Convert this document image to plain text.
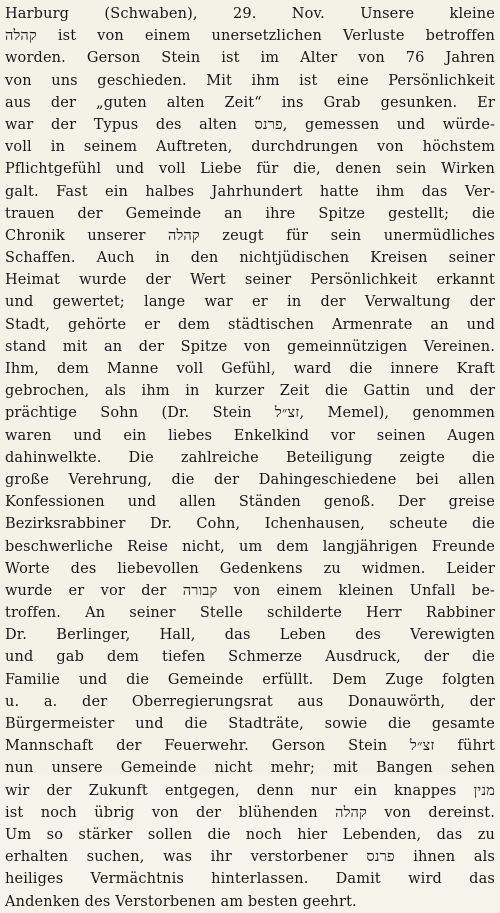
Harburg (Schwaben), 29. Nov. Unsere kleine
קהלה ist von einem unersetzlichen Verluste betroffen
worden. Gerson Stein ist im Alter von 76 Jahren
von uns geschieden. Mit ihm ist eine Persönlichkeit
aus der „guten alten Zeit“ ins Grab gesunken. Er
war der Typus des alten פרנס, gemessen und würde-
voll in seinem Auftreten, durchdrungen von höchstem
Pflichtgefühl und voll Liebe für die, denen sein Wirken
galt. Fast ein halbes Jahrhundert hatte ihm das Ver-
trauen der Gemeinde an ihre Spitze gestellt; die
Chronik unserer קהלה zeugt für sein unermüdliches
Schaffen. Auch in den nichtjüdischen Kreisen seiner
Heimat wurde der Wert seiner Persönlichkeit erkannt
und gewertet; lange war er in der Verwaltung der
Stadt, gehörte er dem städtischen Armenrate an und
stand mit an der Spitze von gemeinnützigen Vereinen.
Ihm, dem Manne voll Gefühl, ward die innere Kraft
gebrochen, als ihm in kurzer Zeit die Gattin und der
prächtige Sohn (Dr. Stein זצ״ל, Memel), genommen
waren und ein liebes Enkelkind vor seinen Augen
dahinwelkte. Die zahlreiche Beteiligung zeigte die
große Verehrung, die der Dahingeschiedene bei allen
Konfessionen und allen Ständen genoß. Der greise
Bezirksrabbiner Dr. Cohn, Ichenhausen, scheute die
beschwerliche Reise nicht, um dem langjährigen Freunde
Worte des liebevollen Gedenkens zu widmen. Leider
wurde er vor der קבורה von einem kleinen Unfall be-
troffen. An seiner Stelle schilderte Herr Rabbiner
Dr. Berlinger, Hall, das Leben des Verewigten
und gab dem tiefen Schmerze Ausdruck, der die
Familie und die Gemeinde erfüllt. Dem Zuge folgten
u. a. der Oberregierungsrat aus Donauwörth, der
Bürgermeister und die Stadträte, sowie die gesamte
Mannschaft der Feuerwehr. Gerson Stein זצ״ל führt
nun unsere Gemeinde nicht mehr; mit Bangen sehen
wir der Zukunft entgegen, denn nur ein knappes מנין
ist noch übrig von der blühenden קהלה von dereinst.
Um so stärker sollen die noch hier Lebenden, das zu
erhalten suchen, was ihr verstorbener פרנס ihnen als
heiliges Vermächtnis hinterlassen. Damit wird das
Andenken des Verstorbenen am besten geehrt.
